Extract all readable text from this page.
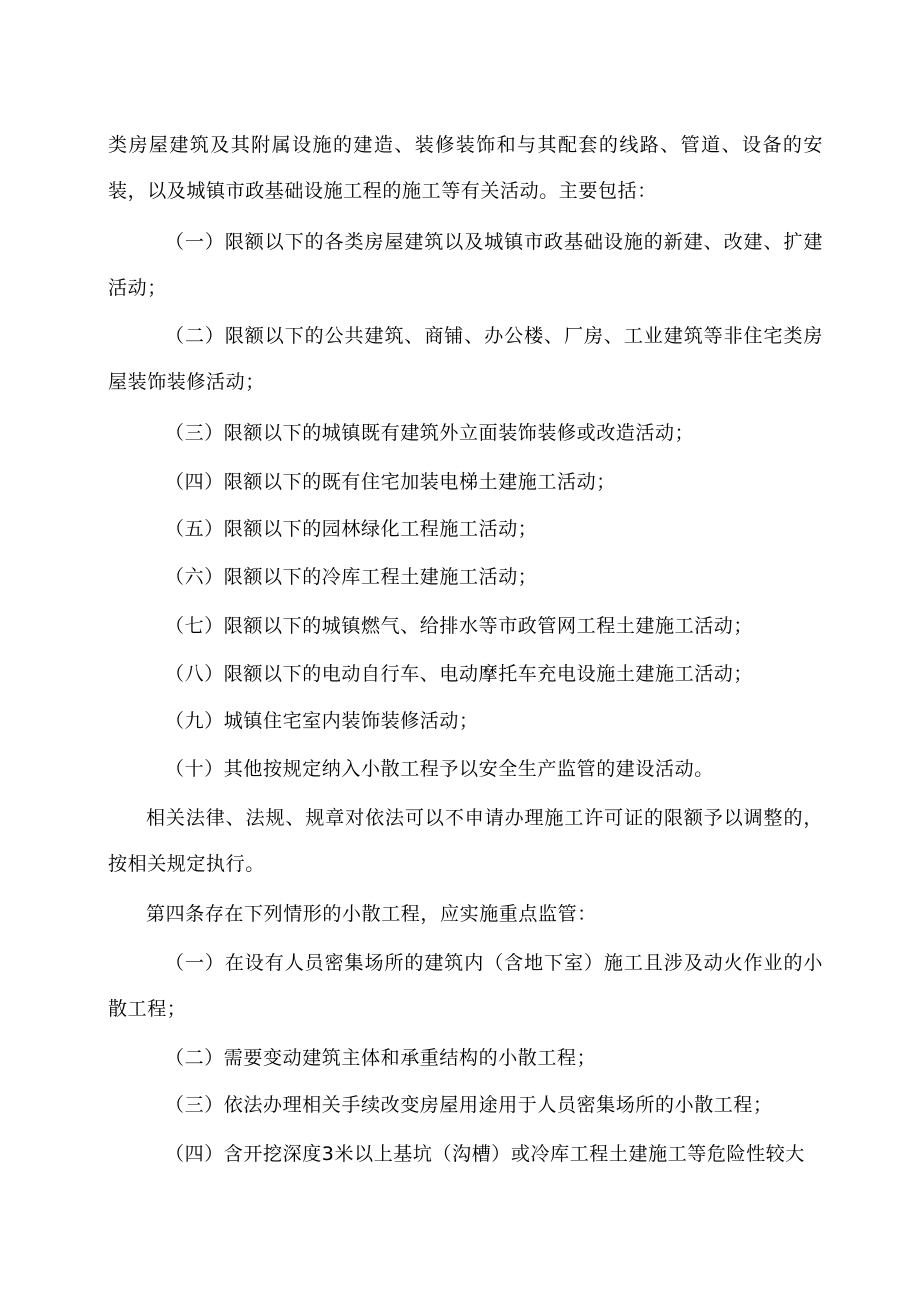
类房屋建筑及其附属设施的建造、装修装饰和与其配套的线路、管道、设备的安装，以及城镇市政基础设施工程的施工等有关活动。主要包括：

（一）限额以下的各类房屋建筑以及城镇市政基础设施的新建、改建、扩建活动；

（二）限额以下的公共建筑、商铺、办公楼、厂房、工业建筑等非住宅类房屋装饰装修活动；

（三）限额以下的城镇既有建筑外立面装饰装修或改造活动；

（四）限额以下的既有住宅加装电梯土建施工活动；

（五）限额以下的园林绿化工程施工活动；

（六）限额以下的冷库工程土建施工活动；

（七）限额以下的城镇燃气、给排水等市政管网工程土建施工活动；

（八）限额以下的电动自行车、电动摩托车充电设施土建施工活动；

（九）城镇住宅室内装饰装修活动；

（十）其他按规定纳入小散工程予以安全生产监管的建设活动。

相关法律、法规、规章对依法可以不申请办理施工许可证的限额予以调整的，按相关规定执行。

第四条存在下列情形的小散工程，应实施重点监管：

（一）在设有人员密集场所的建筑内（含地下室）施工且涉及动火作业的小散工程；

（二）需要变动建筑主体和承重结构的小散工程；

（三）依法办理相关手续改变房屋用途用于人员密集场所的小散工程；

（四）含开挖深度3米以上基坑（沟槽）或冷库工程土建施工等危险性较大
